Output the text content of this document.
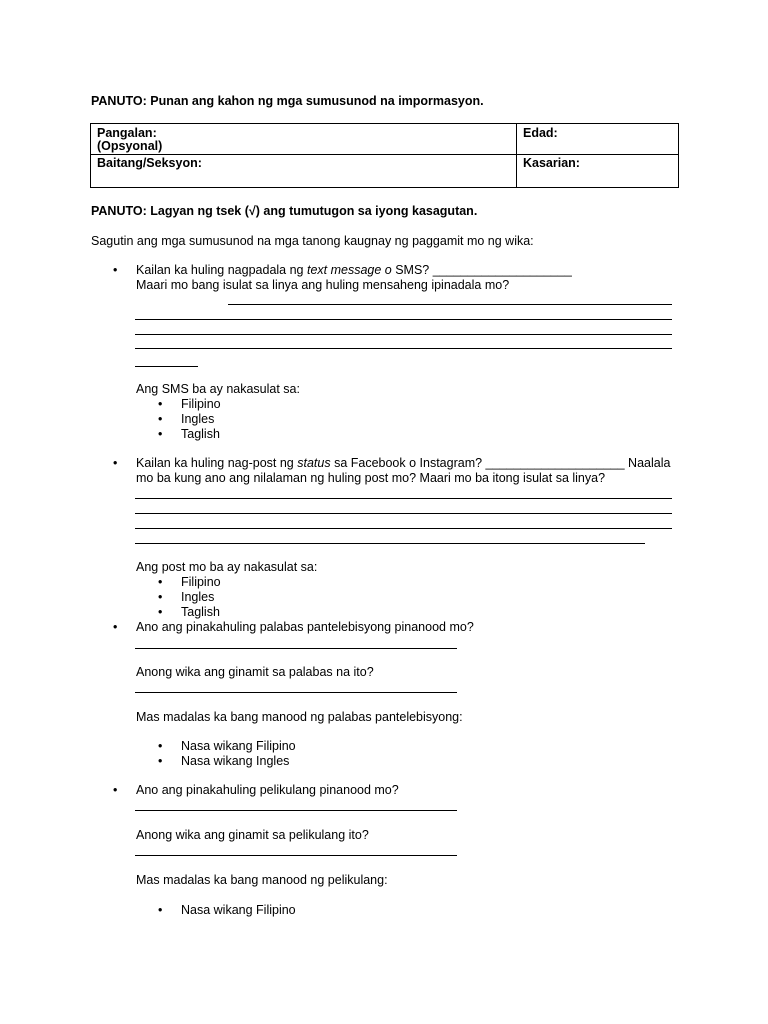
PANUTO: Punan ang kahon ng mga sumusunod na impormasyon.
Pangalan:
(Opsyonal)
Edad:
Baitang/Seksyon:	Kasarian:
PANUTO: Lagyan ng tsek (√) ang tumutugon sa iyong kasagutan.
Sagutin ang mga sumusunod na mga tanong kaugnay ng paggamit mo ng wika:
• Kailan ka huling nagpadala ng text message o SMS? ____________________
Maari mo bang isulat sa linya ang huling mensaheng ipinadala mo?
Ang SMS ba ay nakasulat sa:
• Filipino
• Ingles
• Taglish
• Kailan ka huling nag-post ng status sa Facebook o Instagram? ____________________ Naalala
mo ba kung ano ang nilalaman ng huling post mo? Maari mo ba itong isulat sa linya?
Ang post mo ba ay nakasulat sa:
• Filipino
• Ingles
• Taglish
• Ano ang pinakahuling palabas pantelebisyong pinanood mo?
Anong wika ang ginamit sa palabas na ito?
Mas madalas ka bang manood ng palabas pantelebisyong:
• Nasa wikang Filipino
• Nasa wikang Ingles
• Ano ang pinakahuling pelikulang pinanood mo?
Anong wika ang ginamit sa pelikulang ito?
Mas madalas ka bang manood ng pelikulang:
• Nasa wikang Filipino
